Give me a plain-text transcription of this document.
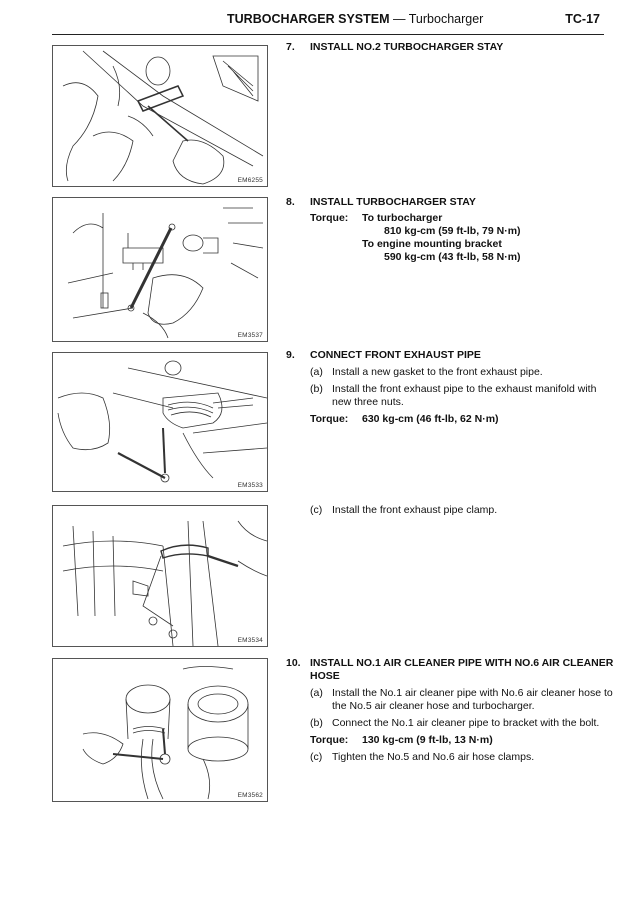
TURBOCHARGER SYSTEM — Turbocharger	TC-17
EM6255
EM3537
EM3533
EM3534
EM3562
7. INSTALL NO.2 TURBOCHARGER STAY
8. INSTALL TURBOCHARGER STAY
Torque: To turbocharger
810 kg-cm (59 ft-lb, 79 N·m)
To engine mounting bracket
590 kg-cm (43 ft-lb, 58 N·m)
9. CONNECT FRONT EXHAUST PIPE
(a) Install a new gasket to the front exhaust pipe.
(b) Install the front exhaust pipe to the exhaust manifold with new three nuts.
Torque: 630 kg-cm (46 ft-lb, 62 N·m)
(c) Install the front exhaust pipe clamp.
10. INSTALL NO.1 AIR CLEANER PIPE WITH NO.6 AIR CLEANER HOSE
(a) Install the No.1 air cleaner pipe with No.6 air cleaner hose to the No.5 air cleaner hose and turbocharger.
(b) Connect the No.1 air cleaner pipe to bracket with the bolt.
Torque: 130 kg-cm (9 ft-lb, 13 N·m)
(c) Tighten the No.5 and No.6 air hose clamps.
